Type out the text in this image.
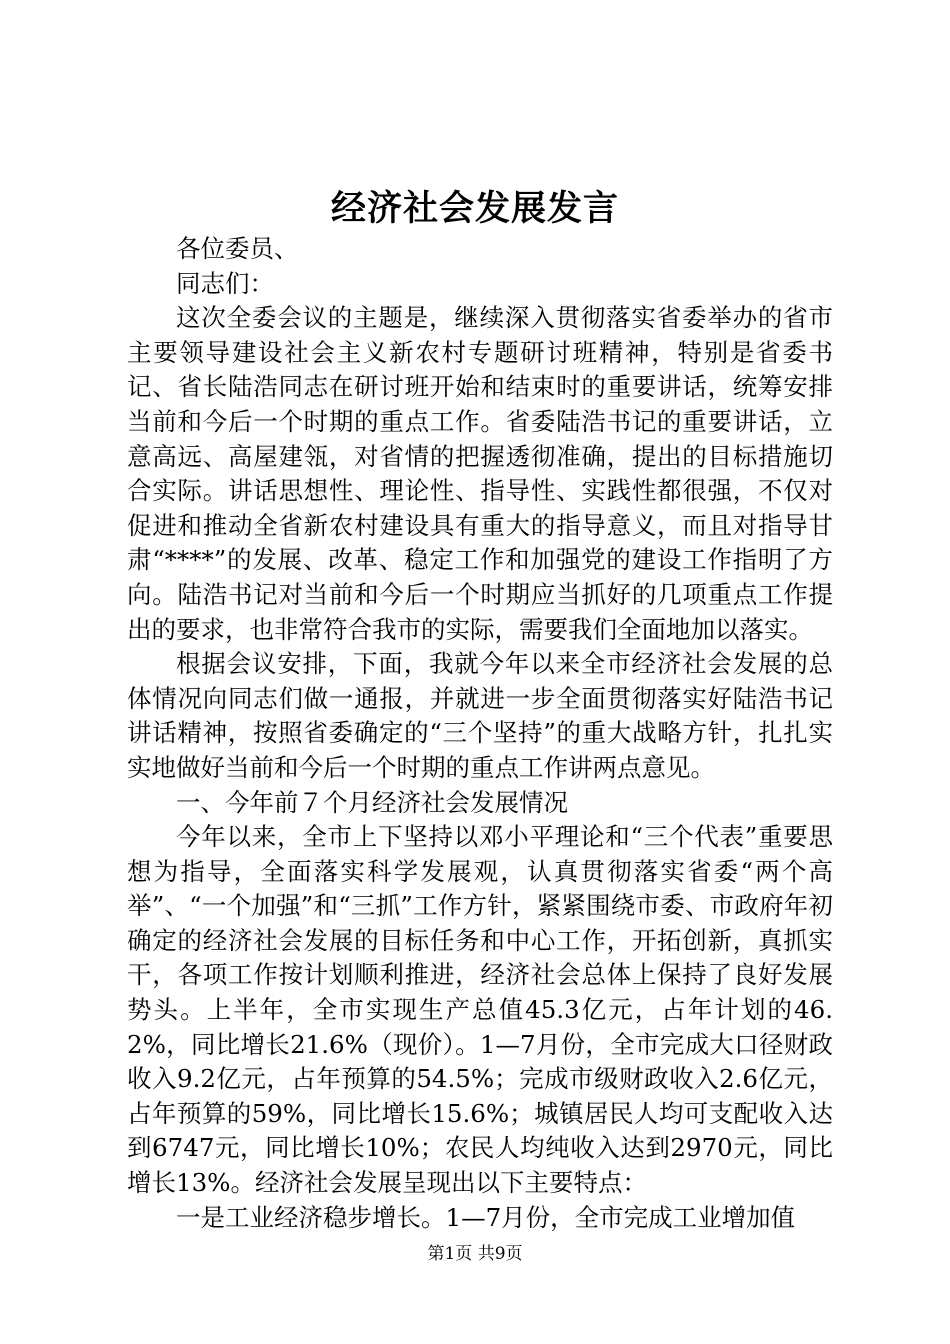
经济社会发展发言

各位委员、

同志们：

这次全委会议的主题是，继续深入贯彻落实省委举办的省市主要领导建设社会主义新农村专题研讨班精神，特别是省委书记、省长陆浩同志在研讨班开始和结束时的重要讲话，统筹安排当前和今后一个时期的重点工作。省委陆浩书记的重要讲话，立意高远、高屋建瓴，对省情的把握透彻准确，提出的目标措施切合实际。讲话思想性、理论性、指导性、实践性都很强，不仅对促进和推动全省新农村建设具有重大的指导意义，而且对指导甘肃“****”的发展、改革、稳定工作和加强党的建设工作指明了方向。陆浩书记对当前和今后一个时期应当抓好的几项重点工作提出的要求，也非常符合我市的实际，需要我们全面地加以落实。

根据会议安排，下面，我就今年以来全市经济社会发展的总体情况向同志们做一通报，并就进一步全面贯彻落实好陆浩书记讲话精神，按照省委确定的“三个坚持”的重大战略方针，扎扎实实地做好当前和今后一个时期的重点工作讲两点意见。

一、今年前７个月经济社会发展情况

今年以来，全市上下坚持以邓小平理论和“三个代表”重要思想为指导，全面落实科学发展观，认真贯彻落实省委“两个高举”、“一个加强”和“三抓”工作方针，紧紧围绕市委、市政府年初确定的经济社会发展的目标任务和中心工作，开拓创新，真抓实干，各项工作按计划顺利推进，经济社会总体上保持了良好发展势头。上半年，全市实现生产总值45.3亿元，占年计划的46.2%，同比增长21.6%（现价）。1—7月份，全市完成大口径财政收入9.2亿元，占年预算的54.5%；完成市级财政收入2.6亿元，占年预算的59%，同比增长15.6%；城镇居民人均可支配收入达到6747元，同比增长10%；农民人均纯收入达到2970元，同比增长13%。经济社会发展呈现出以下主要特点：

一是工业经济稳步增长。1—7月份，全市完成工业增加值

第1页 共9页
